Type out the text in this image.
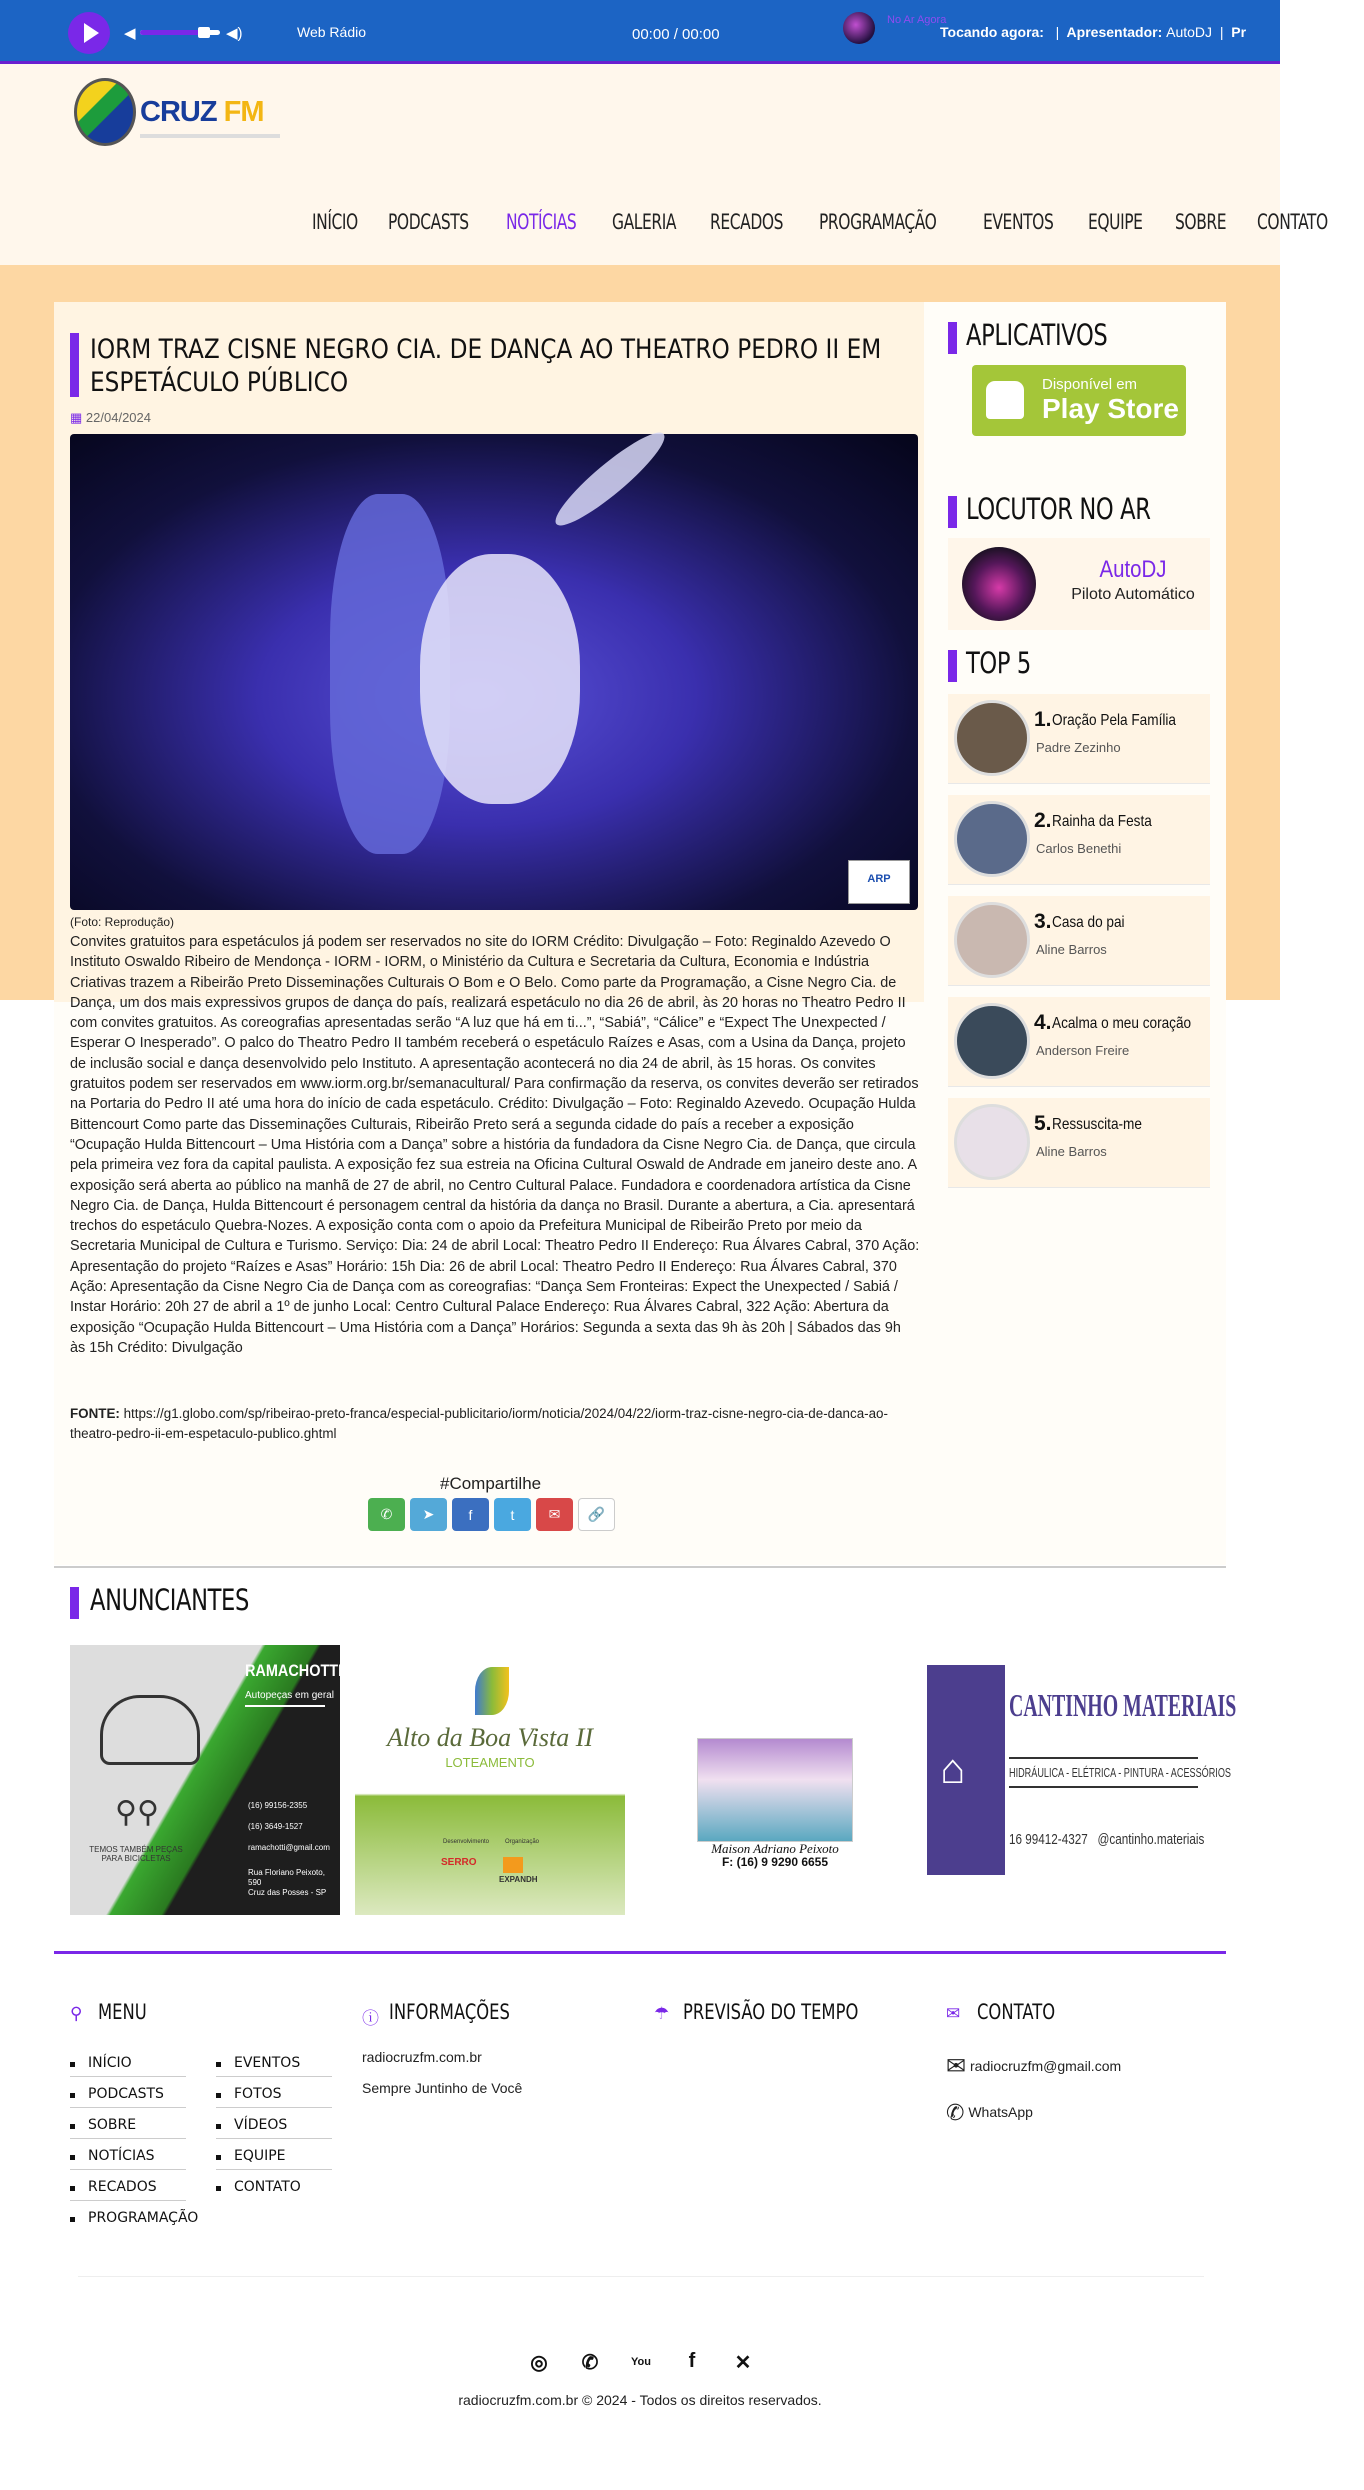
◀	◀)	Web Rádio	00:00 / 00:00
No Ar Agora
Tocando agora:   |  Apresentador: AutoDJ  |  Pr
CRUZ FM
INÍCIO PODCASTS NOTÍCIAS GALERIA RECADOS PROGRAMAÇÃO EVENTOS EQUIPE SOBRE CONTATO
IORM TRAZ CISNE NEGRO CIA. DE DANÇA AO THEATRO PEDRO II EM ESPETÁCULO PÚBLICO
▦ 22/04/2024
ARP
(Foto: Reprodução)

Convites gratuitos para espetáculos já podem ser reservados no site do IORM Crédito: Divulgação – Foto: Reginaldo Azevedo O Instituto Oswaldo Ribeiro de Mendonça - IORM - IORM, o Ministério da Cultura e Secretaria da Cultura, Economia e Indústria Criativas trazem a Ribeirão Preto Disseminações Culturais O Bom e O Belo. Como parte da Programação, a Cisne Negro Cia. de Dança, um dos mais expressivos grupos de dança do país, realizará espetáculo no dia 26 de abril, às 20 horas no Theatro Pedro II com convites gratuitos. As coreografias apresentadas serão “A luz que há em ti...”, “Sabiá”, “Cálice” e “Expect The Unexpected / Esperar O Inesperado”. O palco do Theatro Pedro II também receberá o espetáculo Raízes e Asas, com a Usina da Dança, projeto de inclusão social e dança desenvolvido pelo Instituto. A apresentação acontecerá no dia 24 de abril, às 15 horas. Os convites gratuitos podem ser reservados em www.iorm.org.br/semanacultural/ Para confirmação da reserva, os convites deverão ser retirados na Portaria do Pedro II até uma hora do início de cada espetáculo. Crédito: Divulgação – Foto: Reginaldo Azevedo. Ocupação Hulda Bittencourt Como parte das Disseminações Culturais, Ribeirão Preto será a segunda cidade do país a receber a exposição “Ocupação Hulda Bittencourt – Uma História com a Dança” sobre a história da fundadora da Cisne Negro Cia. de Dança, que circula pela primeira vez fora da capital paulista. A exposição fez sua estreia na Oficina Cultural Oswald de Andrade em janeiro deste ano. A exposição será aberta ao público na manhã de 27 de abril, no Centro Cultural Palace. Fundadora e coordenadora artística da Cisne Negro Cia. de Dança, Hulda Bittencourt é personagem central da história da dança no Brasil. Durante a abertura, a Cia. apresentará trechos do espetáculo Quebra-Nozes. A exposição conta com o apoio da Prefeitura Municipal de Ribeirão Preto por meio da Secretaria Municipal de Cultura e Turismo. Serviço: Dia: 24 de abril Local: Theatro Pedro II Endereço: Rua Álvares Cabral, 370 Ação: Apresentação do projeto “Raízes e Asas” Horário: 15h Dia: 26 de abril Local: Theatro Pedro II Endereço: Rua Álvares Cabral, 370 Ação: Apresentação da Cisne Negro Cia de Dança com as coreografias: “Dança Sem Fronteiras: Expect the Unexpected / Sabiá / Instar Horário: 20h 27 de abril a 1º de junho Local: Centro Cultural Palace Endereço: Rua Álvares Cabral, 322 Ação: Abertura da exposição “Ocupação Hulda Bittencourt – Uma História com a Dança” Horários: Segunda a sexta das 9h às 20h | Sábados das 9h às 15h Crédito: Divulgação

FONTE: https://g1.globo.com/sp/ribeirao-preto-franca/especial-publicitario/iorm/noticia/2024/04/22/iorm-traz-cisne-negro-cia-de-danca-ao-theatro-pedro-ii-em-espetaculo-publico.ghtml

#Compartilhe
✆ ➤ f	t ✉ 🔗
APLICATIVOS
Disponível em
Play Store
LOCUTOR NO AR
AutoDJ
Piloto Automático
TOP 5
1. Oração Pela Família
Padre Zezinho
2. Rainha da Festa
Carlos Benethi
3. Casa do pai
Aline Barros
4. Acalma o meu coração
Anderson Freire
5. Ressuscita-me
Aline Barros
ANUNCIANTES
RAMACHOTTI
Autopeças em geral
⚲⚲
TEMOS TAMBÉM PEÇAS PARA BICICLETAS
(16) 99156-2355
(16) 3649-1527
ramachotti@gmail.com
Rua Floriano Peixoto, 590
Cruz das Posses - SP
Alto da Boa Vista II
LOTEAMENTO
Desenvolvimento	Organização
SERRO
EXPANDH
Maison Adriano Peixoto
F: (16) 9 9290 6655
⌂
CANTINHO MATERIAIS
HIDRÁULICA - ELÉTRICA - PINTURA - ACESSÓRIOS
16 99412-4327 @cantinho.materiais
⚲ MENU
INÍCIO
PODCASTS
SOBRE
NOTÍCIAS
RECADOS
PROGRAMAÇÃO
EVENTOS
FOTOS
VÍDEOS
EQUIPE
CONTATO
ⓘ INFORMAÇÕES
radiocruzfm.com.br
Sempre Juntinho de Você
☂ PREVISÃO DO TEMPO	✉ CONTATO
✉ radiocruzfm@gmail.com
✆ WhatsApp
◎ ✆	You	f	✕
radiocruzfm.com.br © 2024 - Todos os direitos reservados.
